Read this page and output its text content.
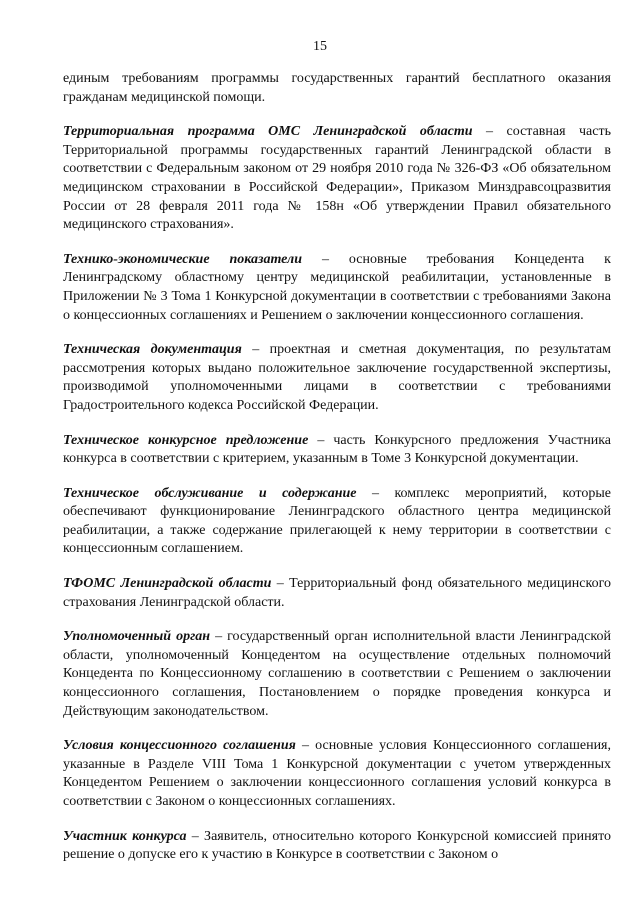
15

единым требованиям программы государственных гарантий бесплатного оказания гражданам медицинской помощи.

Территориальная программа ОМС Ленинградской области – составная часть Территориальной программы государственных гарантий Ленинградской области в соответствии с Федеральным законом от 29 ноября 2010 года № 326-ФЗ «Об обязательном медицинском страховании в Российской Федерации», Приказом Минздравсоцразвития России от 28 февраля 2011 года № 158н «Об утверждении Правил обязательного медицинского страхования».

Технико-экономические показатели – основные требования Концедента к Ленинградскому областному центру медицинской реабилитации, установленные в Приложении № 3 Тома 1 Конкурсной документации в соответствии с требованиями Закона о концессионных соглашениях и Решением о заключении концессионного соглашения.

Техническая документация – проектная и сметная документация, по результатам рассмотрения которых выдано положительное заключение государственной экспертизы, производимой уполномоченными лицами в соответствии с требованиями Градостроительного кодекса Российской Федерации.

Техническое конкурсное предложение – часть Конкурсного предложения Участника конкурса в соответствии с критерием, указанным в Томе 3 Конкурсной документации.

Техническое обслуживание и содержание – комплекс мероприятий, которые обеспечивают функционирование Ленинградского областного центра медицинской реабилитации, а также содержание прилегающей к нему территории в соответствии с концессионным соглашением.

ТФОМС Ленинградской области – Территориальный фонд обязательного медицинского страхования Ленинградской области.

Уполномоченный орган – государственный орган исполнительной власти Ленинградской области, уполномоченный Концедентом на осуществление отдельных полномочий Концедента по Концессионному соглашению в соответствии с Решением о заключении концессионного соглашения, Постановлением о порядке проведения конкурса и Действующим законодательством.

Условия концессионного соглашения – основные условия Концессионного соглашения, указанные в Разделе VIII Тома 1 Конкурсной документации с учетом утвержденных Концедентом Решением о заключении концессионного соглашения условий конкурса в соответствии с Законом о концессионных соглашениях.

Участник конкурса – Заявитель, относительно которого Конкурсной комиссией принято решение о допуске его к участию в Конкурсе в соответствии с Законом о
